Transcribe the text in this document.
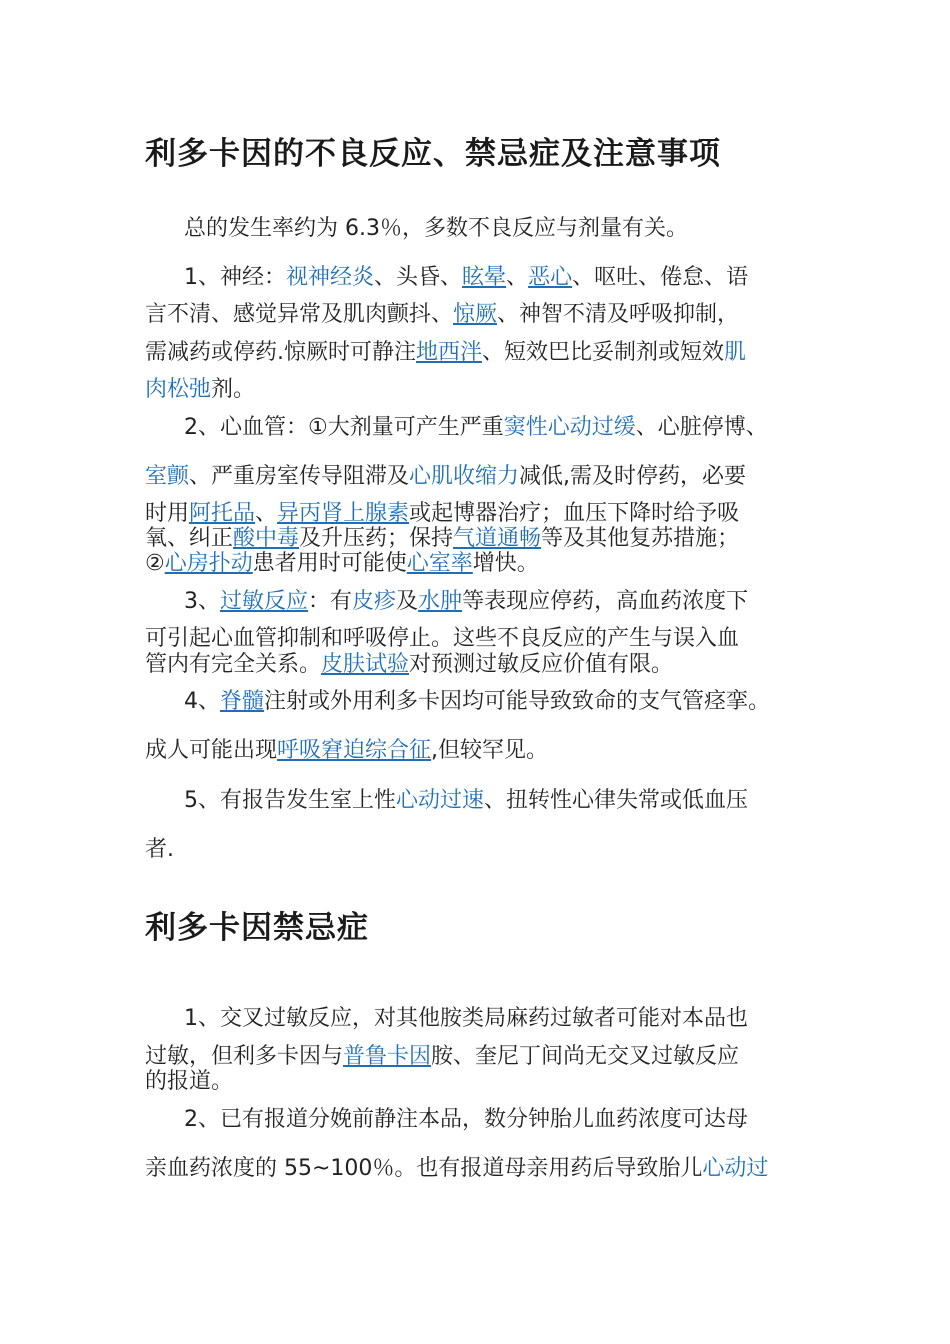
利多卡因的不良反应、禁忌症及注意事项
总的发生率约为 6.3％，多数不良反应与剂量有关。
1、神经：视神经炎、头昏、眩晕、恶心、呕吐、倦怠、语
言不清、感觉异常及肌肉颤抖、惊厥、神智不清及呼吸抑制，
需减药或停药.惊厥时可静注地西泮、短效巴比妥制剂或短效肌
肉松弛剂。
2、心血管：①大剂量可产生严重窦性心动过缓、心脏停博、
室颤、严重房室传导阻滞及心肌收缩力减低,需及时停药，必要
时用阿托品、异丙肾上腺素或起博器治疗；血压下降时给予吸
氧、纠正酸中毒及升压药；保持气道通畅等及其他复苏措施；
②心房扑动患者用时可能使心室率增快。
3、过敏反应：有皮疹及水肿等表现应停药，高血药浓度下
可引起心血管抑制和呼吸停止。这些不良反应的产生与误入血
管内有完全关系。皮肤试验对预测过敏反应价值有限。
4、脊髓注射或外用利多卡因均可能导致致命的支气管痉挛。
成人可能出现呼吸窘迫综合征,但较罕见。
5、有报告发生室上性心动过速、扭转性心律失常或低血压
者.
利多卡因禁忌症
1、交叉过敏反应，对其他胺类局麻药过敏者可能对本品也
过敏，但利多卡因与普鲁卡因胺、奎尼丁间尚无交叉过敏反应
的报道。
2、已有报道分娩前静注本品，数分钟胎儿血药浓度可达母
亲血药浓度的 55~100％。也有报道母亲用药后导致胎儿心动过
